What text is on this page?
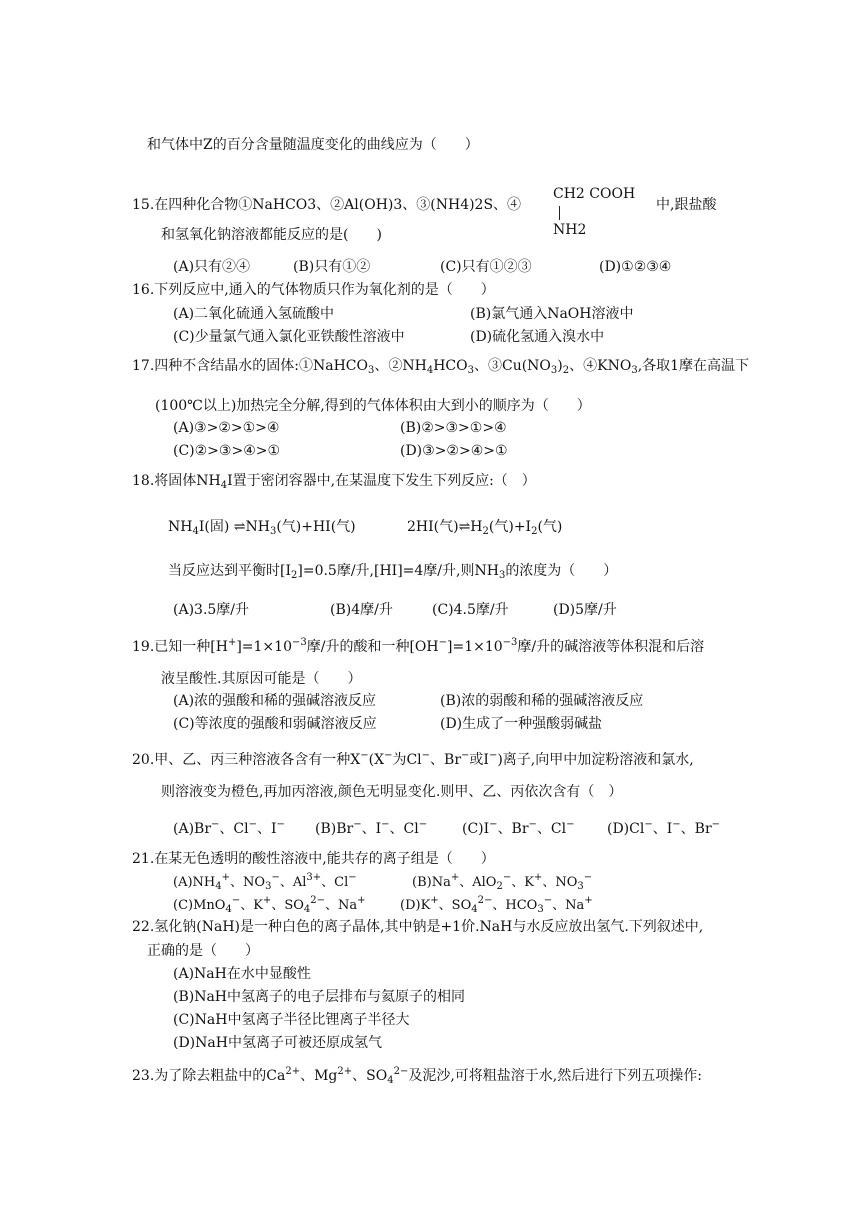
和气体中Z的百分含量随温度变化的曲线应为（　　）
15.在四种化合物①NaHCO3、②Al(OH)3、③(NH4)2S、④
CH2 COOH
NH2
中,跟盐酸
和氢氧化钠溶液都能反应的是(　　)
(A)只有②④	(B)只有①②	(C)只有①②③	(D)①②③④
16.下列反应中,通入的气体物质只作为氧化剂的是（　　）
(A)二氧化硫通入氢硫酸中	(B)氯气通入NaOH溶液中
(C)少量氯气通入氯化亚铁酸性溶液中	(D)硫化氢通入溴水中
17.四种不含结晶水的固体:①NaHCO$_3$、$②NH_4HCO_3$、$③Cu(NO_3)_2$、$④KNO_3$,各取1摩在高温下
(100℃以上)加热完全分解,得到的气体体积由大到小的顺序为（　　）
(A)③>②>①>④	(B)②>③>①>④
(C)②>③>④>①	(D)③>②>④>①
18.将固体$NH_4I$置于密闭容器中,在某温度下发生下列反应:（　）
$NH_4I$(固) $\rightleftharpoons NH_3$(气)+HI(气)	2HI(气)$\rightleftharpoons H_2$(气)$+I_2$(气)
当反应达到平衡时$[I_2]=0.5$摩/升,[HI]=4摩/升,则$NH_3$的浓度为（　　）
(A)3.5摩/升	(B)4摩/升	(C)4.5摩/升	(D)5摩/升
19.已知一种$[H^+]=1\times 10^{-3}$摩/升的酸和一种$[OH^-]=1\times 10^{-3}$摩/升的碱溶液等体积混和后溶
液呈酸性.其原因可能是（　　）
(A)浓的强酸和稀的强碱溶液反应	(B)浓的弱酸和稀的强碱溶液反应
(C)等浓度的强酸和弱碱溶液反应	(D)生成了一种强酸弱碱盐
20.甲、乙、丙三种溶液各含有一种X−(X−为Cl−、Br−或I−)离子,向甲中加淀粉溶液和氯水,
则溶液变为橙色,再加丙溶液,颜色无明显变化.则甲、乙、丙依次含有（　）
(A)Br−、Cl−、I− (B)Br−、I−、Cl− (C)I−、Br−、Cl− (D)Cl−、I−、Br−
21.在某无色透明的酸性溶液中,能共存的离子组是（　　）
$(A)NH_4^+$、$NO_3^-$、$Al^{3+}$、Cl−	(B)Na+、AlO$_2$−、K+、$NO_3^-$
(C)MnO$_4$−、K+、$SO_4^{2-}$、Na+	(D)K+、$SO_4^{2-}$、$HCO_3^-$、Na+
22.氢化钠(NaH)是一种白色的离子晶体,其中钠是+1价.NaH与水反应放出氢气.下列叙述中,
正确的是（　　）
(A)NaH在水中显酸性
(B)NaH中氢离子的电子层排布与氦原子的相同
(C)NaH中氢离子半径比锂离子半径大
(D)NaH中氢离子可被还原成氢气
23.为了除去粗盐中的$Ca^{2+}$、$Mg^{2+}$、$SO_4^{2-}$及泥沙,可将粗盐溶于水,然后进行下列五项操作:
